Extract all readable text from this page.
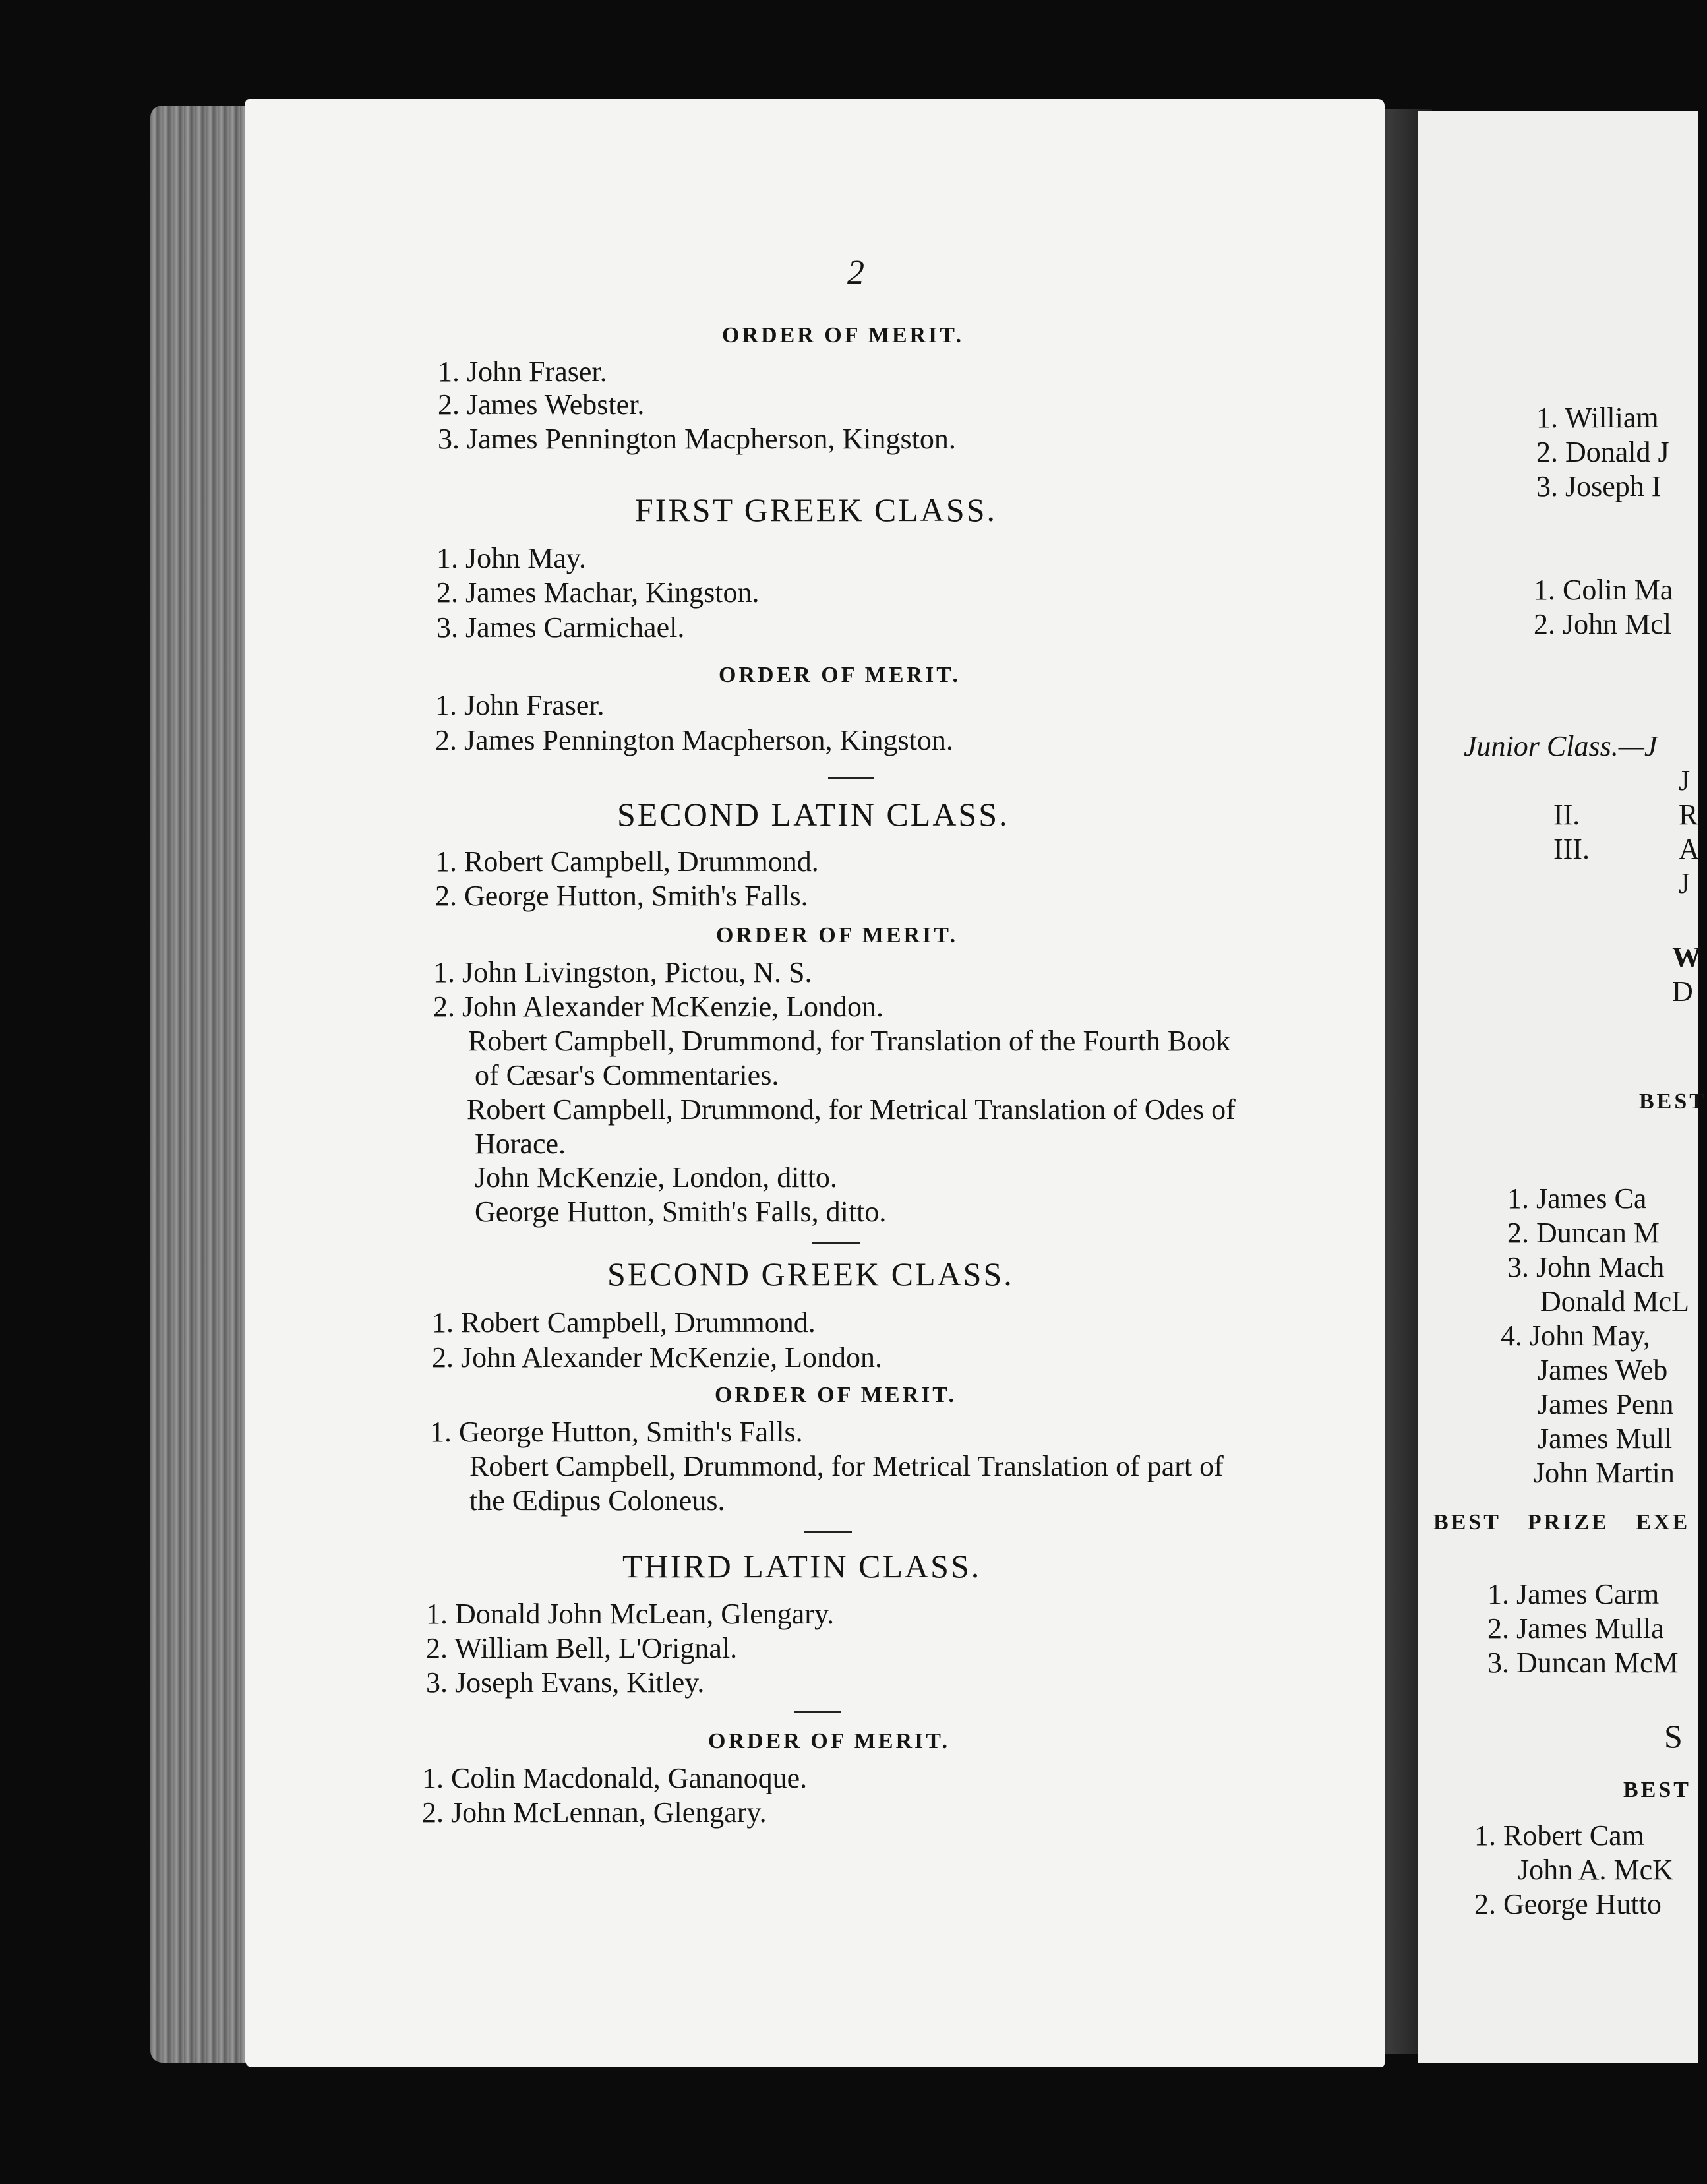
2
ORDER OF MERIT.
1. John Fraser.
2. James Webster.
3. James Pennington Macpherson, Kingston.
FIRST GREEK CLASS.
1. John May.
2. James Machar, Kingston.
3. James Carmichael.
ORDER OF MERIT.
1. John Fraser.
2. James Pennington Macpherson, Kingston.
SECOND LATIN CLASS.
1. Robert Campbell, Drummond.
2. George Hutton, Smith's Falls.
ORDER OF MERIT.
1. John Livingston, Pictou, N. S.
2. John Alexander McKenzie, London.
Robert Campbell, Drummond, for Translation of the Fourth Book
of Cæsar's Commentaries.
Robert Campbell, Drummond, for Metrical Translation of Odes of
Horace.
John McKenzie, London, ditto.
George Hutton, Smith's Falls, ditto.
SECOND GREEK CLASS.
1. Robert Campbell, Drummond.
2. John Alexander McKenzie, London.
ORDER OF MERIT.
1. George Hutton, Smith's Falls.
Robert Campbell, Drummond, for Metrical Translation of part of
the Œdipus Coloneus.
THIRD LATIN CLASS.
1. Donald John McLean, Glengary.
2. William Bell, L'Orignal.
3. Joseph Evans, Kitley.
ORDER OF MERIT.
1. Colin Macdonald, Gananoque.
2. John McLennan, Glengary.
1. William
2. Donald J
3. Joseph I
1. Colin Ma
2. John Mcl
Junior Class.—J
J
II.	R
III.	A
J
W
D
BEST
1. James Ca
2. Duncan M
3. John Mach
Donald McL
4. John May,
James Web
James Penn
James Mull
John Martin
BEST PRIZE EXE
1. James Carm
2. James Mulla
3. Duncan McM
S
BEST
1. Robert Cam
John A. McK
2. George Hutto
